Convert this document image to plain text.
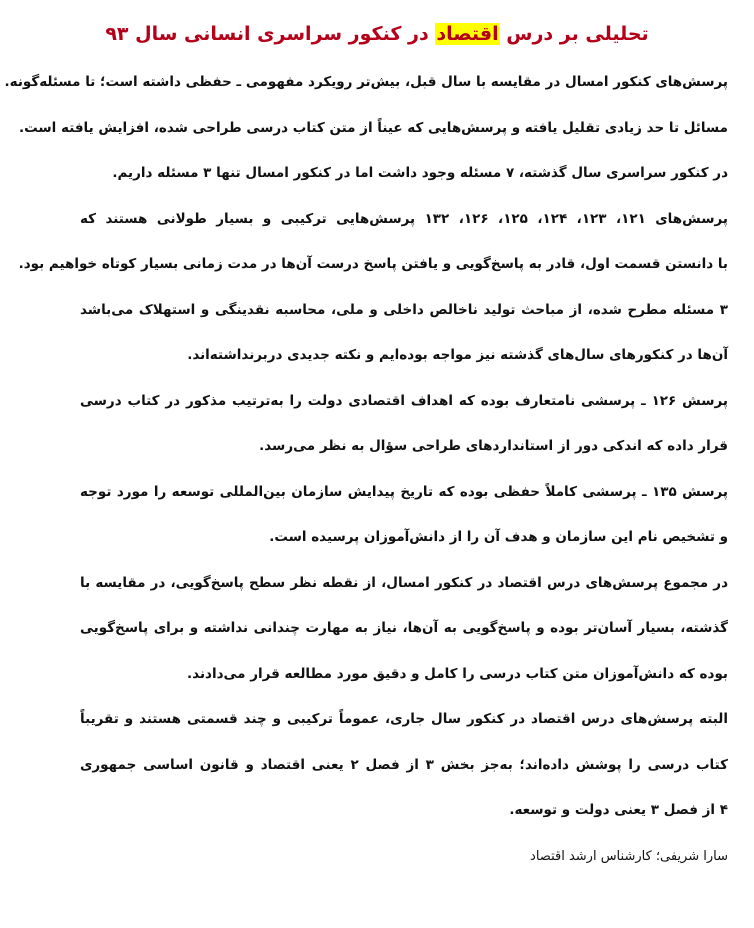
تحلیلی بر درس اقتصاد در کنکور سراسری انسانی سال ۹۳
پرسش‌های کنکور امسال در مقایسه با سال قبل، بیش‌تر رویکرد مفهومی ـ حفظی داشته است؛ تا مسئله‌گونه.
مسائل تا حد زیادی تقلیل یافته و پرسش‌هایی که عیناً از متن کتاب درسی طراحی شده، افزایش یافته است.
در کنکور سراسری سال گذشته، ۷ مسئله وجود داشت اما در کنکور امسال تنها ۳ مسئله داریم.
پرسش‌های ۱۲۱، ۱۲۳، ۱۲۴، ۱۲۵، ۱۲۶، ۱۳۲ پرسش‌هایی ترکیبی و بسیار طولانی هستند که
با دانستن قسمت اول، قادر به پاسخ‌گویی و یافتن پاسخ درست آن‌ها در مدت زمانی بسیار کوتاه خواهیم بود.
۳ مسئله مطرح شده، از مباحث تولید ناخالص داخلی و ملی، محاسبه نقدینگی و استهلاک می‌باشد
آن‌ها در کنکورهای سال‌های گذشته نیز مواجه بوده‌ایم و نکته جدیدی دربرنداشته‌اند.
پرسش ۱۲۶ ـ پرسشی نامتعارف بوده که اهداف اقتصادی دولت را به‌ترتیب مذکور در کتاب درسی
قرار داده که اندکی دور از استانداردهای طراحی سؤال به نظر می‌رسد.
پرسش ۱۳۵ ـ پرسشی کاملاً حفظی بوده که تاریخ پیدایش سازمان بین‌المللی توسعه را مورد توجه
و تشخیص نام این سازمان و هدف آن را از دانش‌آموزان پرسیده است.
در مجموع پرسش‌های درس اقتصاد در کنکور امسال، از نقطه نظر سطح پاسخ‌گویی، در مقایسه با
گذشته، بسیار آسان‌تر بوده و پاسخ‌گویی به آن‌ها، نیاز به مهارت چندانی نداشته و برای پاسخ‌گویی
بوده که دانش‌آموزان متن کتاب درسی را کامل و دقیق مورد مطالعه قرار می‌دادند.
البته پرسش‌های درس اقتصاد در کنکور سال جاری، عموماً ترکیبی و چند قسمتی هستند و تقریباً
کتاب درسی را پوشش داده‌اند؛ به‌جز بخش ۳ از فصل ۲ یعنی اقتصاد و قانون اساسی جمهوری
۴ از فصل ۳ یعنی دولت و توسعه.
سارا شریفی؛ کارشناس ارشد اقتصاد
